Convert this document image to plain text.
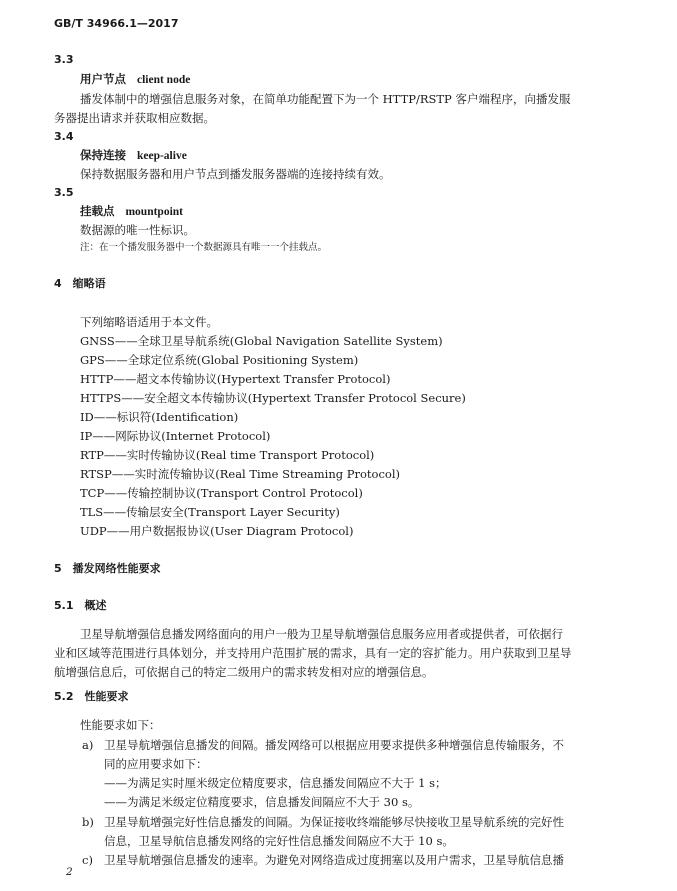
GB/T 34966.1—2017
3.3
用户节点 client node
播发体制中的增强信息服务对象，在简单功能配置下为一个 HTTP/RSTP 客户端程序，向播发服
务器提出请求并获取相应数据。
3.4
保持连接 keep-alive
保持数据服务器和用户节点到播发服务器端的连接持续有效。
3.5
挂载点 mountpoint
数据源的唯一性标识。
注：在一个播发服务器中一个数据源具有唯一一个挂载点。
4　缩略语
下列缩略语适用于本文件。
GNSS——全球卫星导航系统(Global Navigation Satellite System)
GPS——全球定位系统(Global Positioning System)
HTTP——超文本传输协议(Hypertext Transfer Protocol)
HTTPS——安全超文本传输协议(Hypertext Transfer Protocol Secure)
ID——标识符(Identification)
IP——网际协议(Internet Protocol)
RTP——实时传输协议(Real time Transport Protocol)
RTSP——实时流传输协议(Real Time Streaming Protocol)
TCP——传输控制协议(Transport Control Protocol)
TLS——传输层安全(Transport Layer Security)
UDP——用户数据报协议(User Diagram Protocol)
5　播发网络性能要求
5.1　概述
卫星导航增强信息播发网络面向的用户一般为卫星导航增强信息服务应用者或提供者，可依据行
业和区域等范围进行具体划分，并支持用户范围扩展的需求，具有一定的容扩能力。用户获取到卫星导
航增强信息后，可依据自己的特定二级用户的需求转发相对应的增强信息。
5.2　性能要求
性能要求如下：
a) 卫星导航增强信息播发的间隔。播发网络可以根据应用要求提供多种增强信息传输服务，不
同的应用要求如下：
——为满足实时厘米级定位精度要求，信息播发间隔应不大于 1 s；
——为满足米级定位精度要求，信息播发间隔应不大于 30 s。
b) 卫星导航增强完好性信息播发的间隔。为保证接收终端能够尽快接收卫星导航系统的完好性
信息，卫星导航信息播发网络的完好性信息播发间隔应不大于 10 s。
c) 卫星导航增强信息播发的速率。为避免对网络造成过度拥塞以及用户需求，卫星导航信息播
2
